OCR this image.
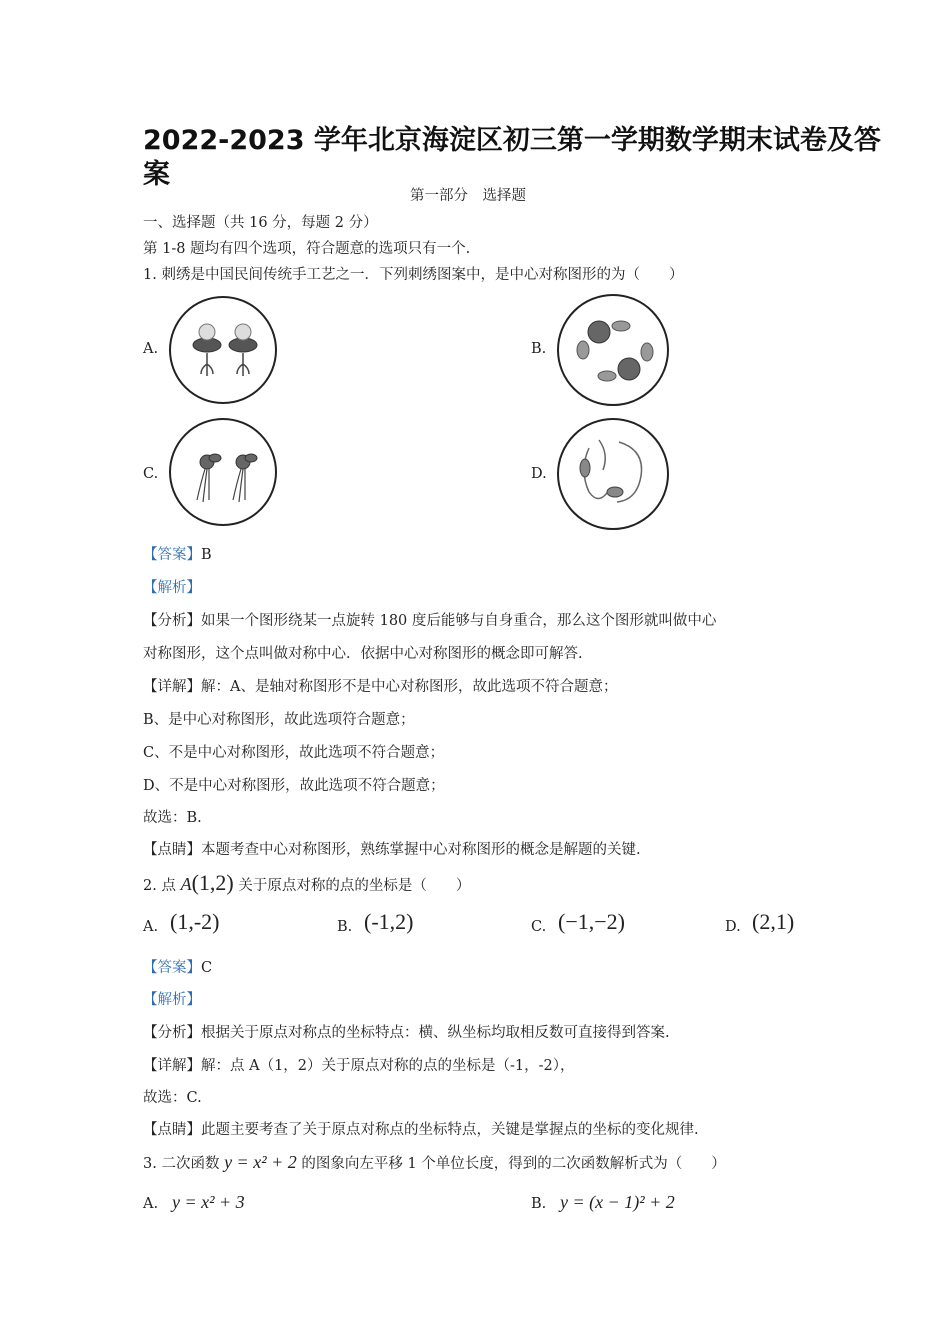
2022-2023 学年北京海淀区初三第一学期数学期末试卷及答
案
第一部分　选择题
一、选择题（共 16 分，每题 2 分）
第 1-8 题均有四个选项，符合题意的选项只有一个.
1. 刺绣是中国民间传统手工艺之一．下列刺绣图案中，是中心对称图形的为（　　）
A.	B.
C.	D.
【答案】B
【解析】
【分析】如果一个图形绕某一点旋转 180 度后能够与自身重合，那么这个图形就叫做中心
对称图形，这个点叫做对称中心．依据中心对称图形的概念即可解答.
【详解】解：A、是轴对称图形不是中心对称图形，故此选项不符合题意；
B、是中心对称图形，故此选项符合题意；
C、不是中心对称图形，故此选项不符合题意；
D、不是中心对称图形，故此选项不符合题意；
故选：B.
【点睛】本题考查中心对称图形，熟练掌握中心对称图形的概念是解题的关键.
2. 点 A(1,2) 关于原点对称的点的坐标是（　　）
A. (1,-2)	B. (-1,2)	C. (−1,−2)	D. (2,1)
【答案】C
【解析】
【分析】根据关于原点对称点的坐标特点：横、纵坐标均取相反数可直接得到答案.
【详解】解：点 A（1，2）关于原点对称的点的坐标是（-1，-2），
故选：C.
【点睛】此题主要考查了关于原点对称点的坐标特点，关键是掌握点的坐标的变化规律.
3. 二次函数 y = x² + 2 的图象向左平移 1 个单位长度，得到的二次函数解析式为（　　）
A. y = x² + 3	B. y = (x − 1)² + 2
